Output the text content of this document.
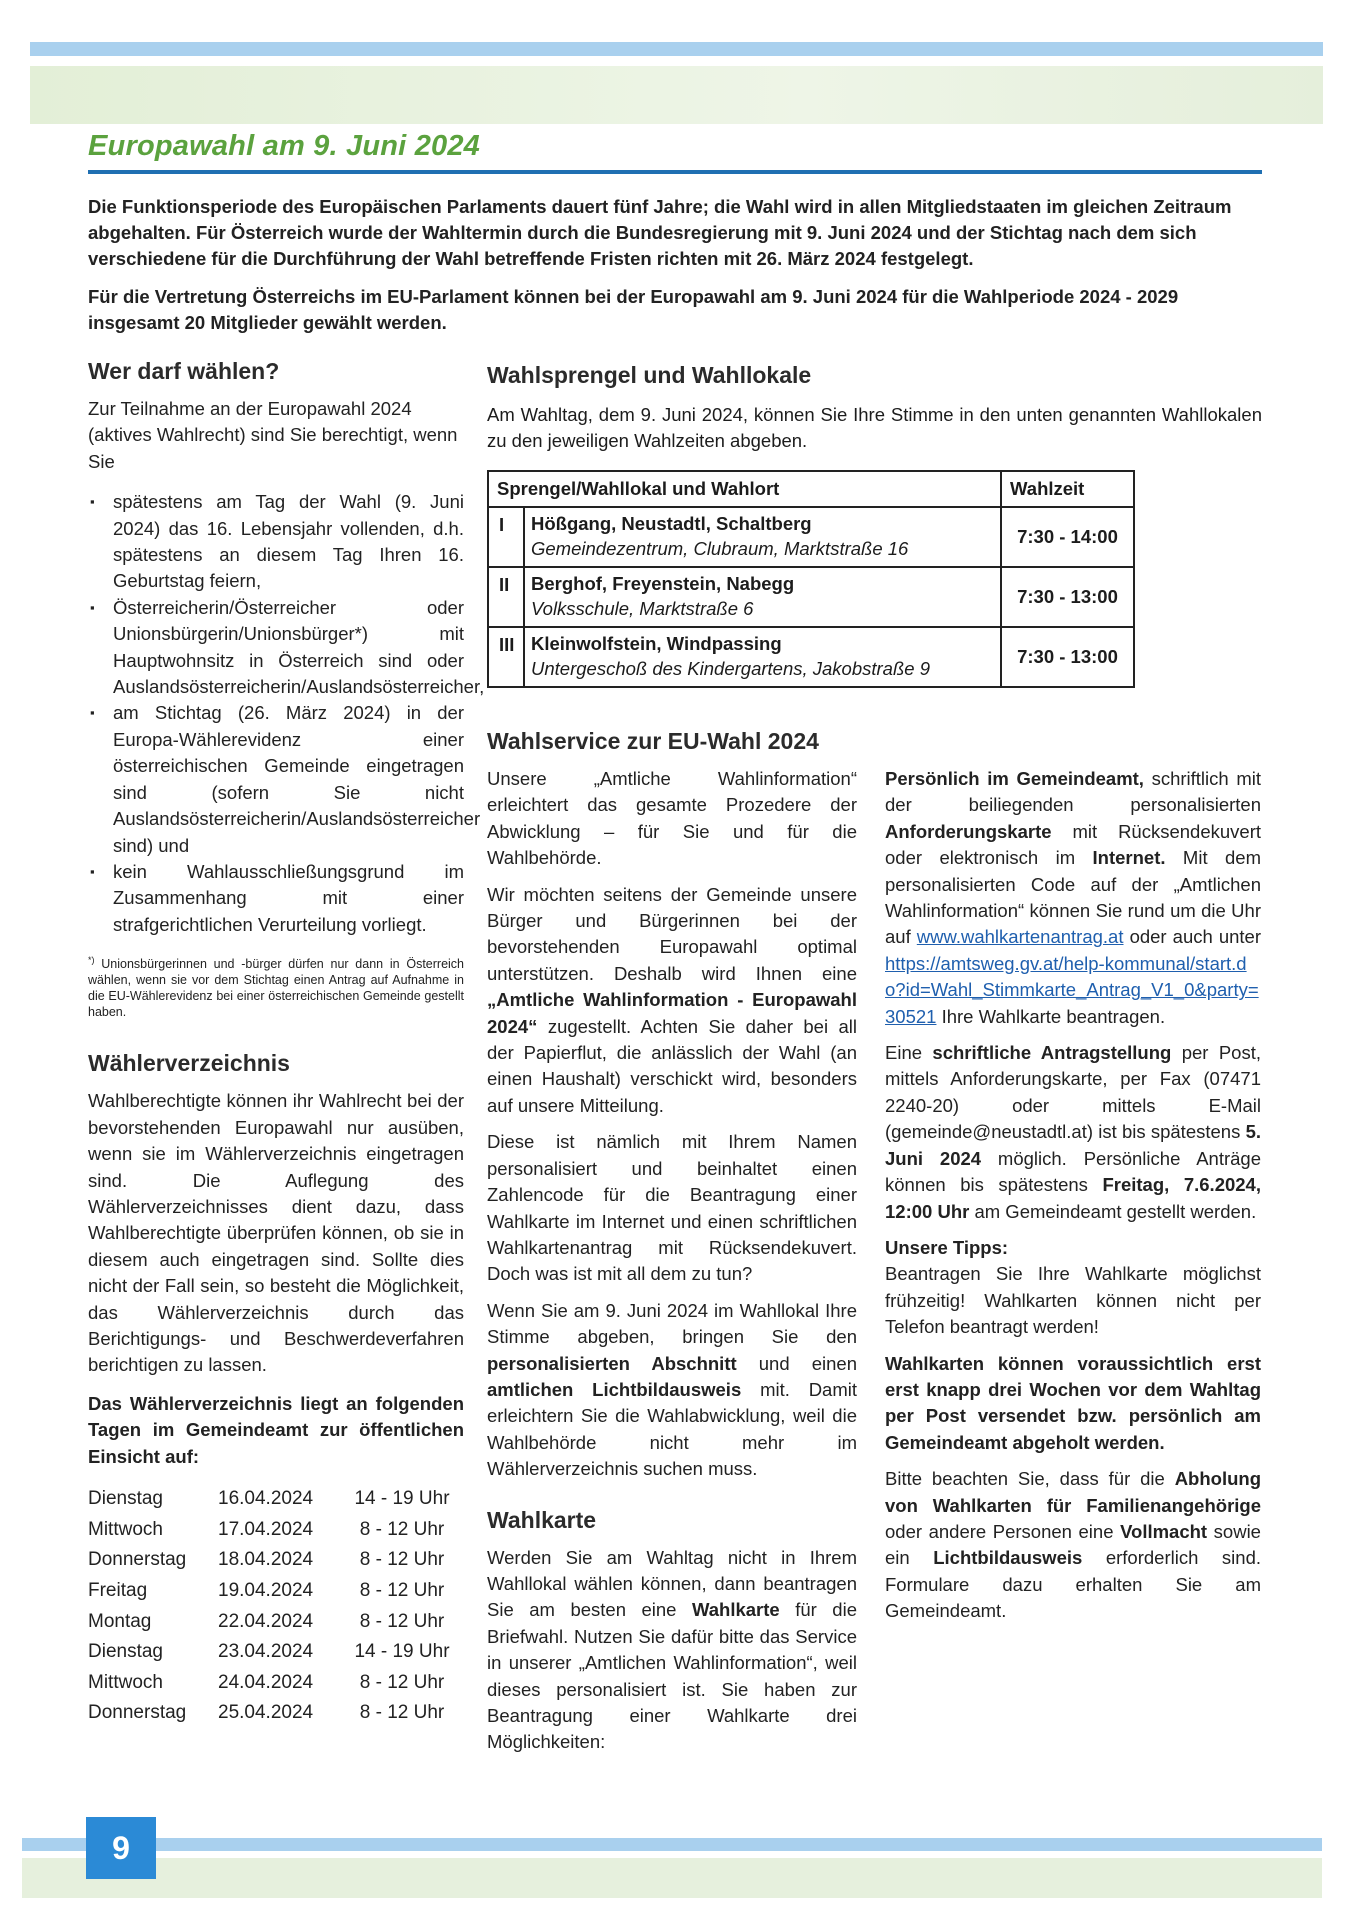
Europawahl am 9. Juni 2024

Die Funktionsperiode des Europäischen Parlaments dauert fünf Jahre; die Wahl wird in allen Mitgliedstaaten im gleichen Zeitraum abgehalten. Für Österreich wurde der Wahltermin durch die Bundesregierung mit 9. Juni 2024 und der Stichtag nach dem sich verschiedene für die Durchführung der Wahl betreffende Fristen richten mit 26. März 2024 festgelegt.

Für die Vertretung Österreichs im EU-Parlament können bei der Europawahl am 9. Juni 2024 für die Wahlperiode 2024 - 2029 insgesamt 20 Mitglieder gewählt werden.

Wer darf wählen?

Zur Teilnahme an der Europawahl 2024 (aktives Wahlrecht) sind Sie berechtigt, wenn Sie

▪ spätestens am Tag der Wahl (9. Juni 2024) das 16. Lebensjahr vollenden, d.h. spätestens an diesem Tag Ihren 16. Geburtstag feiern,
▪ Österreicherin/Österreicher oder Unionsbürgerin/Unionsbürger*) mit Hauptwohnsitz in Österreich sind oder Auslandsösterreicherin/Auslandsösterreicher,
▪ am Stichtag (26. März 2024) in der Europa-Wählerevidenz einer österreichischen Gemeinde eingetragen sind (sofern Sie nicht Auslandsösterreicherin/Auslandsösterreicher sind) und
▪ kein Wahlausschließungsgrund im Zusammenhang mit einer strafgerichtlichen Verurteilung vorliegt.

*) Unionsbürgerinnen und -bürger dürfen nur dann in Österreich wählen, wenn sie vor dem Stichtag einen Antrag auf Aufnahme in die EU-Wählerevidenz bei einer österreichischen Gemeinde gestellt haben.

Wählerverzeichnis

Wahlberechtigte können ihr Wahlrecht bei der bevorstehenden Europawahl nur ausüben, wenn sie im Wählerverzeichnis eingetragen sind. Die Auflegung des Wählerverzeichnisses dient dazu, dass Wahlberechtigte überprüfen können, ob sie in diesem auch eingetragen sind. Sollte dies nicht der Fall sein, so besteht die Möglichkeit, das Wählerverzeichnis durch das Berichtigungs- und Beschwerdeverfahren berichtigen zu lassen.

Das Wählerverzeichnis liegt an folgenden Tagen im Gemeindeamt zur öffentlichen Einsicht auf:

Dienstag	16.04.2024	14 - 19 Uhr
Mittwoch	17.04.2024	8 - 12 Uhr
Donnerstag	18.04.2024	8 - 12 Uhr
Freitag	19.04.2024	8 - 12 Uhr
Montag	22.04.2024	8 - 12 Uhr
Dienstag	23.04.2024	14 - 19 Uhr
Mittwoch	24.04.2024	8 - 12 Uhr
Donnerstag	25.04.2024	8 - 12 Uhr
Wahlsprengel und Wahllokale

Am Wahltag, dem 9. Juni 2024, können Sie Ihre Stimme in den unten genannten Wahllokalen zu den jeweiligen Wahlzeiten abgeben.

Sprengel/Wahllokal und Wahlort		Wahlzeit
I	Hößgang, Neustadtl, Schaltberg
Gemeindezentrum, Clubraum, Marktstraße 16	7:30 - 14:00
II	Berghof, Freyenstein, Nabegg
Volksschule, Marktstraße 6	7:30 - 13:00
III	Kleinwolfstein, Windpassing
Untergeschoß des Kindergartens, Jakobstraße 9	7:30 - 13:00
Wahlservice zur EU-Wahl 2024

Unsere „Amtliche Wahlinformation“ erleichtert das gesamte Prozedere der Abwicklung – für Sie und für die Wahlbehörde.

Wir möchten seitens der Gemeinde unsere Bürger und Bürgerinnen bei der bevorstehenden Europawahl optimal unterstützen. Deshalb wird Ihnen eine „Amtliche Wahlinformation - Europawahl 2024“ zugestellt. Achten Sie daher bei all der Papierflut, die anlässlich der Wahl (an einen Haushalt) verschickt wird, besonders auf unsere Mitteilung.

Diese ist nämlich mit Ihrem Namen personalisiert und beinhaltet einen Zahlencode für die Beantragung einer Wahlkarte im Internet und einen schriftlichen Wahlkartenantrag mit Rücksendekuvert. Doch was ist mit all dem zu tun?

Wenn Sie am 9. Juni 2024 im Wahllokal Ihre Stimme abgeben, bringen Sie den personalisierten Abschnitt und einen amtlichen Lichtbildausweis mit. Damit erleichtern Sie die Wahlabwicklung, weil die Wahlbehörde nicht mehr im Wählerverzeichnis suchen muss.

Wahlkarte

Werden Sie am Wahltag nicht in Ihrem Wahllokal wählen können, dann beantragen Sie am besten eine Wahlkarte für die Briefwahl. Nutzen Sie dafür bitte das Service in unserer „Amtlichen Wahlinformation“, weil dieses personalisiert ist. Sie haben zur Beantragung einer Wahlkarte drei Möglichkeiten:

Persönlich im Gemeindeamt, schriftlich mit der beiliegenden personalisierten Anforderungskarte mit Rücksendekuvert oder elektronisch im Internet. Mit dem personalisierten Code auf der „Amtlichen Wahlinformation“ können Sie rund um die Uhr auf www.wahlkartenantrag.at oder auch unter https://amtsweg.gv.at/help-kommunal/start.do?id=Wahl_Stimmkarte_Antrag_V1_0&party=30521 Ihre Wahlkarte beantragen.

Eine schriftliche Antragstellung per Post, mittels Anforderungskarte, per Fax (07471 2240-20) oder mittels E-Mail (gemeinde@neustadtl.at) ist bis spätestens 5. Juni 2024 möglich. Persönliche Anträge können bis spätestens Freitag, 7.6.2024, 12:00 Uhr am Gemeindeamt gestellt werden.

Unsere Tipps:

Beantragen Sie Ihre Wahlkarte möglichst frühzeitig! Wahlkarten können nicht per Telefon beantragt werden!

Wahlkarten können voraussichtlich erst erst knapp drei Wochen vor dem Wahltag per Post versendet bzw. persönlich am Gemeindeamt abgeholt werden.

Bitte beachten Sie, dass für die Abholung von Wahlkarten für Familienangehörige oder andere Personen eine Vollmacht sowie ein Lichtbildausweis erforderlich sind. Formulare dazu erhalten Sie am Gemeindeamt.

9
